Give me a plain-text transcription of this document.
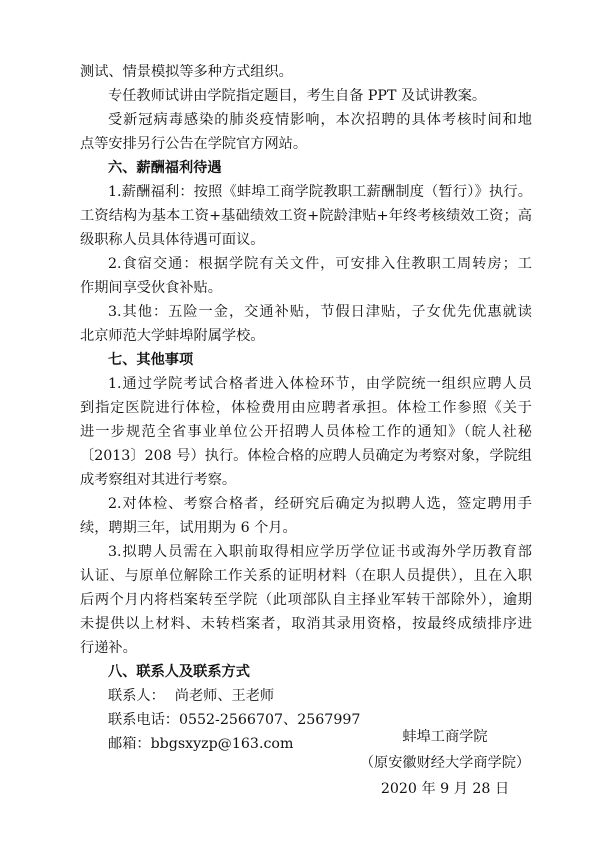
测试、情景模拟等多种方式组织。
专任教师试讲由学院指定题目，考生自备 PPT 及试讲教案。
受新冠病毒感染的肺炎疫情影响，本次招聘的具体考核时间和地
点等安排另行公告在学院官方网站。
六、薪酬福利待遇
1.薪酬福利：按照《蚌埠工商学院教职工薪酬制度（暂行）》执行。
工资结构为基本工资+基础绩效工资+院龄津贴+年终考核绩效工资；高
级职称人员具体待遇可面议。
2.食宿交通：根据学院有关文件，可安排入住教职工周转房；工
作期间享受伙食补贴。
3.其他：五险一金，交通补贴，节假日津贴，子女优先优惠就读
北京师范大学蚌埠附属学校。
七、其他事项
1.通过学院考试合格者进入体检环节，由学院统一组织应聘人员
到指定医院进行体检，体检费用由应聘者承担。体检工作参照《关于
进一步规范全省事业单位公开招聘人员体检工作的通知》（皖人社秘
〔2013〕208 号）执行。体检合格的应聘人员确定为考察对象，学院组
成考察组对其进行考察。
2.对体检、考察合格者，经研究后确定为拟聘人选，签定聘用手
续，聘期三年，试用期为 6 个月。
3.拟聘人员需在入职前取得相应学历学位证书或海外学历教育部
认证、与原单位解除工作关系的证明材料（在职人员提供），且在入职
后两个月内将档案转至学院（此项部队自主择业军转干部除外），逾期
未提供以上材料、未转档案者，取消其录用资格，按最终成绩排序进
行递补。
八、联系人及联系方式
联系人： 尚老师、王老师
联系电话：0552-2566707、2567997
邮箱：bbgsxyzp@163.com	蚌埠工商学院
（原安徽财经大学商学院）
2020 年 9 月 28 日
